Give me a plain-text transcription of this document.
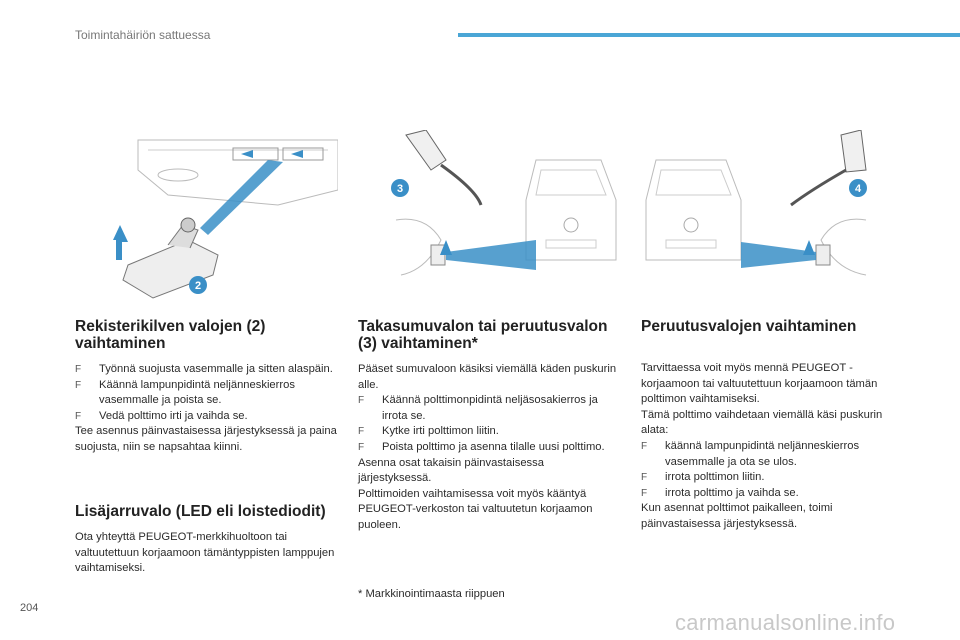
Toimintahäiriön sattuessa
2
3	4
Rekisterikilven valojen (2) vaihtaminen
F	Työnnä suojusta vasemmalle ja sitten alaspäin.
F	Käännä lampunpidintä neljänneskierros vasemmalle ja poista se.
F	Vedä polttimo irti ja vaihda se.

Tee asennus päinvastaisessa järjestyksessä ja paina suojusta, niin se napsahtaa kiinni.

Lisäjarruvalo (LED eli loistediodit)

Ota yhteyttä PEUGEOT-merkkihuoltoon tai valtuutettuun korjaamoon tämäntyppisten lamppujen vaihtamiseksi.

Takasumuvalon tai peruutusvalon (3) vaihtaminen*

Pääset sumuvaloon käsiksi viemällä käden puskurin alle.

F	Käännä polttimonpidintä neljäsosakierros ja irrota se.
F	Kytke irti polttimon liitin.
F	Poista polttimo ja asenna tilalle uusi polttimo.

Asenna osat takaisin päinvastaisessa järjestyksessä.

Polttimoiden vaihtamisessa voit myös kääntyä PEUGEOT-verkoston tai valtuutetun korjaamon puoleen.

Peruutusvalojen vaihtaminen

Tarvittaessa voit myös mennä PEUGEOT -korjaamoon tai valtuutettuun korjaamoon tämän polttimon vaihtamiseksi.

Tämä polttimo vaihdetaan viemällä käsi puskurin alata:

F	käännä lampunpidintä neljänneskierros vasemmalle ja ota se ulos.
F	irrota polttimon liitin.
F	irrota polttimo ja vaihda se.

Kun asennat polttimot paikalleen, toimi päinvastaisessa järjestyksessä.

* Markkinointimaasta riippuen
204
carmanualsonline.info
